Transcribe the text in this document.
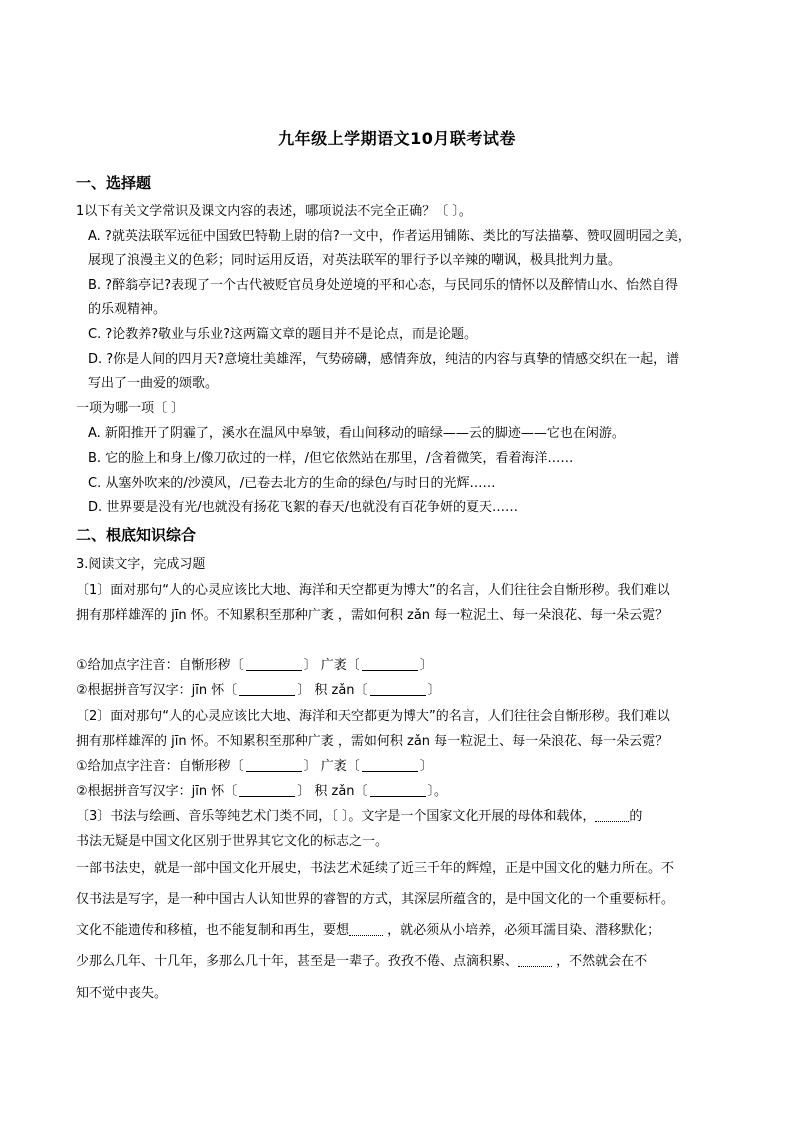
九年级上学期语文10月联考试卷
一、选择题
1以下有关文学常识及课文内容的表述，哪项说法不完全正确？〔 〕。
A. ?就英法联军远征中国致巴特勒上尉的信?一文中，作者运用铺陈、类比的写法描摹、赞叹圆明园之美，
展现了浪漫主义的色彩；同时运用反语，对英法联军的罪行予以辛辣的嘲讽，极具批判力量。
B. ?醉翁亭记?表现了一个古代被贬官员身处逆境的平和心态，与民同乐的情怀以及醉情山水、怡然自得
的乐观精神。
C. ?论教养?敬业与乐业?这两篇文章的题目并不是论点，而是论题。
D. ?你是人间的四月天?意境壮美雄浑，气势磅礴，感情奔放，纯洁的内容与真挚的情感交织在一起，谱
写出了一曲爱的颂歌。
一项为哪一项〔 〕
A. 新阳推开了阴霾了，溪水在温风中皋皱，看山间移动的暗绿——云的脚迹——它也在闲游。
B. 它的脸上和身上/像刀砍过的一样，/但它依然站在那里，/含着微笑，看着海洋……
C. 从塞外吹来的/沙漠风，/已卷去北方的生命的绿色/与时日的光辉……
D. 世界要是没有光/也就没有扬花飞絮的春天/也就没有百花争妍的夏天……
二、根底知识综合
3.阅读文字，完成习题
〔1〕面对那句“人的心灵应该比大地、海洋和天空都更为博大”的名言，人们往往会自惭形秽。我们难以
拥有那样雄浑的 jīn 怀。不知累积至那种广袤 ，需如何积 zǎn 每一粒泥土、每一朵浪花、每一朵云霓？
①给加点字注音：自惭形秽〔	〕 广袤〔	〕
②根据拼音写汉字：jīn 怀〔	〕 积 zǎn〔	〕
〔2〕面对那句“人的心灵应该比大地、海洋和天空都更为博大”的名言，人们往往会自惭形秽。我们难以
拥有那样雄浑的 jīn 怀。不知累积至那种广袤 ，需如何积 zǎn 每一粒泥土、每一朵浪花、每一朵云霓？
①给加点字注音：自惭形秽〔	〕 广袤〔	〕
②根据拼音写汉字：jīn 怀〔	〕 积 zǎn〔	〕。
〔3〕书法与绘画、音乐等纯艺术门类不同，〔 〕。文字是一个国家文化开展的母体和载体，	的
书法无疑是中国文化区别于世界其它文化的标志之一。
一部书法史，就是一部中国文化开展史，书法艺术延续了近三千年的辉煌，正是中国文化的魅力所在。不
仅书法是写字，是一种中国古人认知世界的睿智的方式，其深层所蕴含的，是中国文化的一个重要标杆。
文化不能遗传和移植，也不能复制和再生，要想	，就必须从小培养，必须耳濡目染、潜移默化；
少那么几年、十几年，多那么几十年，甚至是一辈子。孜孜不倦、点滴积累、	，不然就会在不
知不觉中丧失。
